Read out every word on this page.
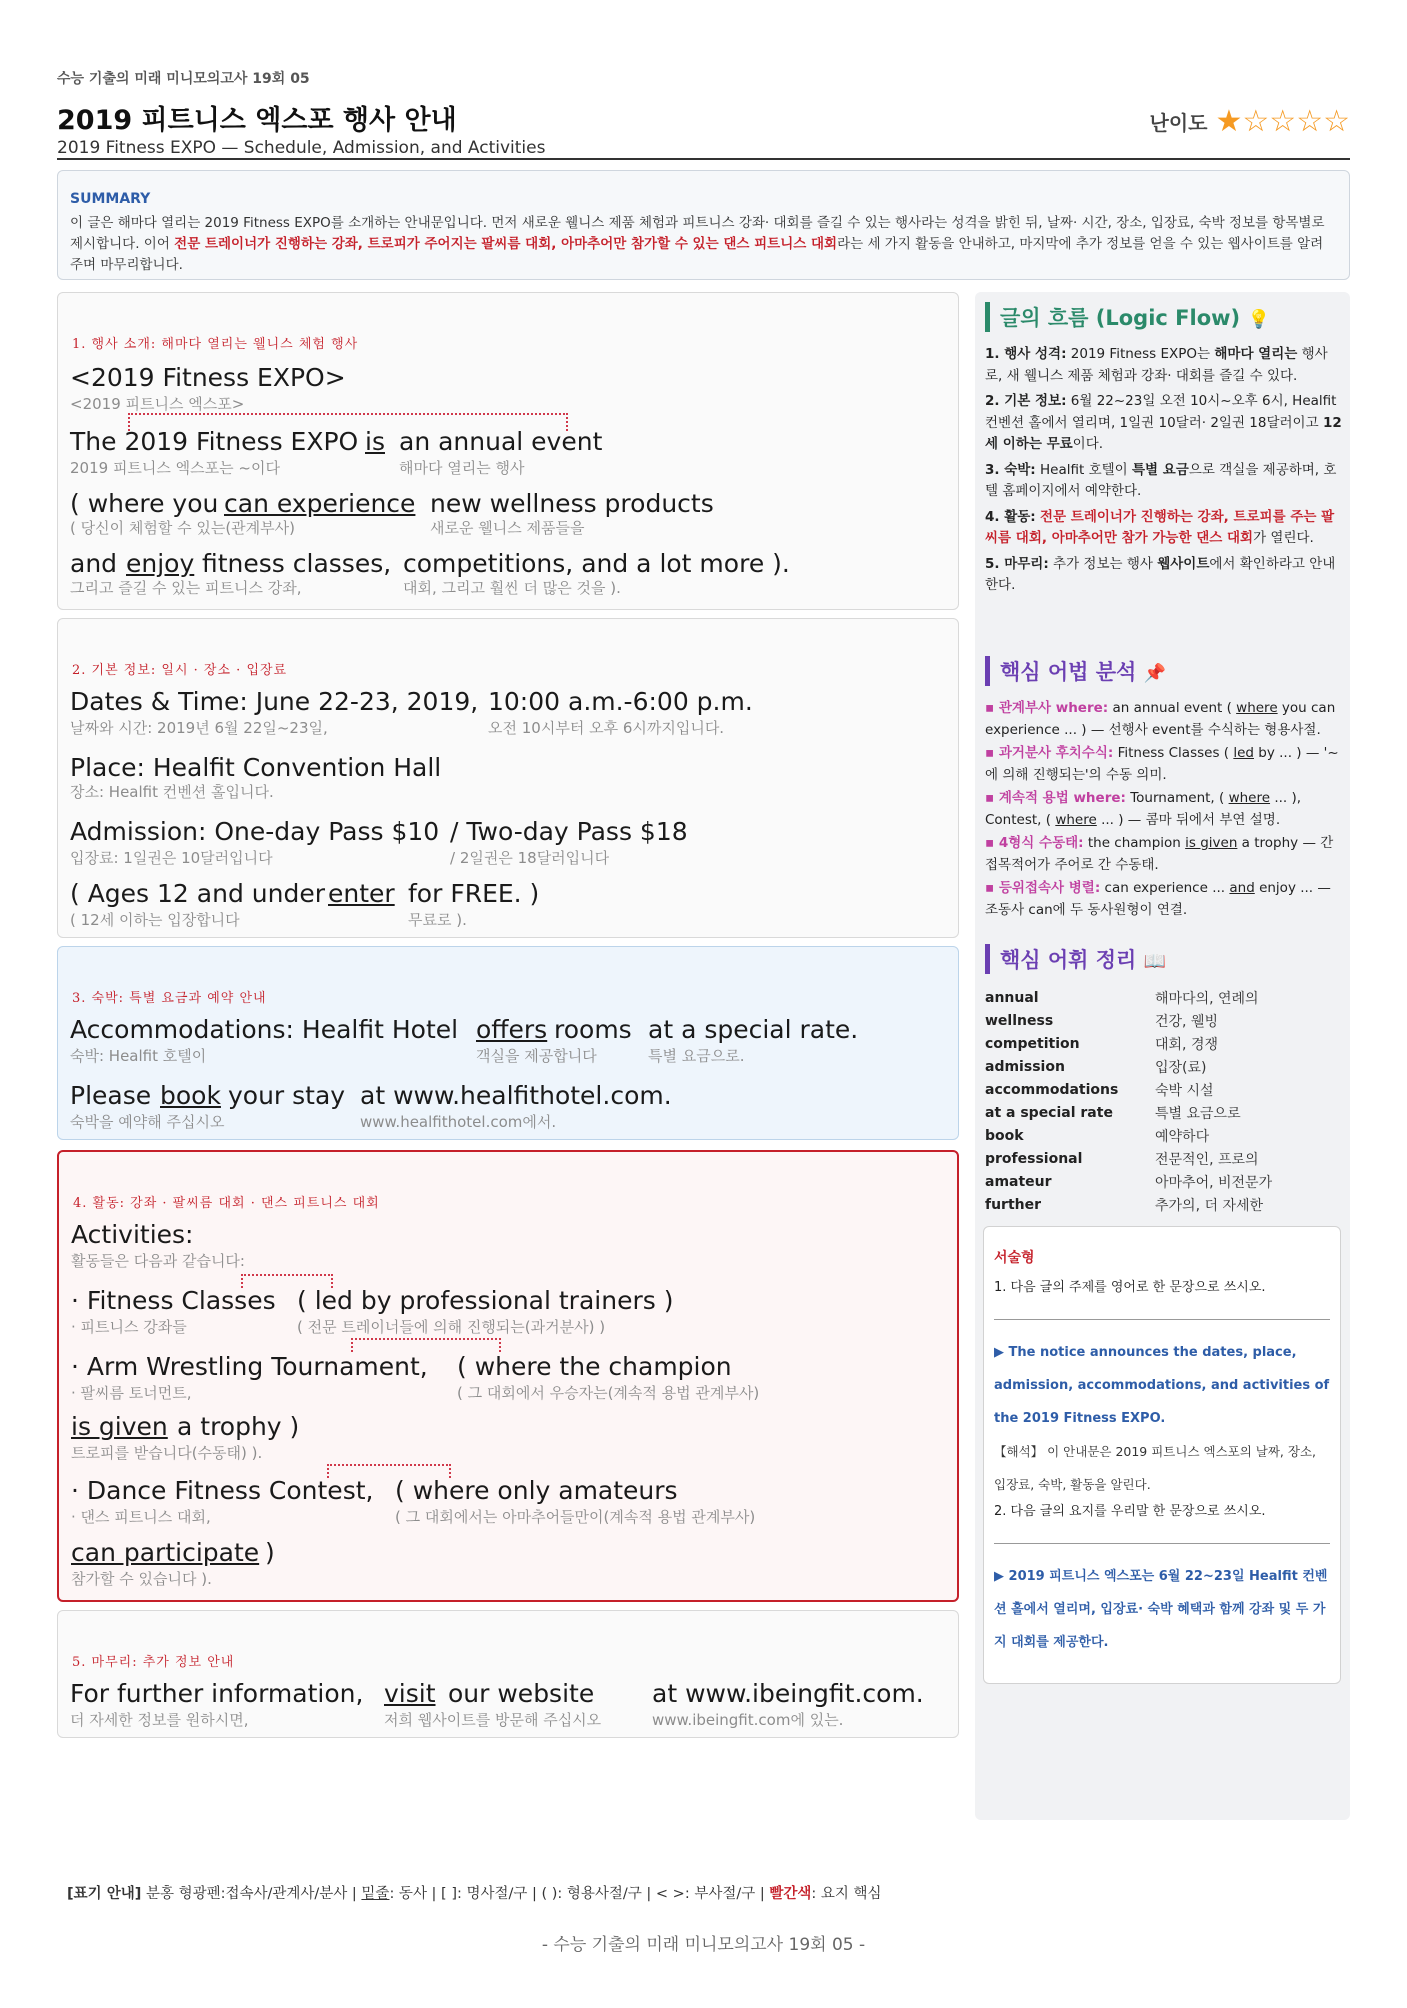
수능 기출의 미래 미니모의고사 19회 05
2019 피트니스 엑스포 행사 안내
2019 Fitness EXPO — Schedule, Admission, and Activities
난이도 ★☆☆☆☆
SUMMARY
이 글은 해마다 열리는 2019 Fitness EXPO를 소개하는 안내문입니다. 먼저 새로운 웰니스 제품 체험과 피트니스 강좌· 대회를 즐길 수 있는 행사라는 성격을 밝힌 뒤, 날짜· 시간, 장소, 입장료, 숙박 정보를 항목별로 제시합니다. 이어 전문 트레이너가 진행하는 강좌, 트로피가 주어지는 팔씨름 대회, 아마추어만 참가할 수 있는 댄스 피트니스 대회라는 세 가지 활동을 안내하고, 마지막에 추가 정보를 얻을 수 있는 웹사이트를 알려 주며 마무리합니다.
1. 행사 소개: 해마다 열리는 웰니스 체험 행사
<2019 Fitness EXPO>
<2019 피트니스 엑스포>
The 2019 Fitness EXPO is an annual event
2019 피트니스 엑스포는 ~이다	해마다 열리는 행사
( where you can experience new wellness products
( 당신이 체험할 수 있는(관계부사)	새로운 웰니스 제품들을
and enjoy fitness classes, competitions, and a lot more ).
그리고 즐길 수 있는 피트니스 강좌,	대회, 그리고 훨씬 더 많은 것을 ).
2. 기본 정보: 일시 · 장소 · 입장료
Dates & Time: June 22-23, 2019, 10:00 a.m.-6:00 p.m.
날짜와 시간: 2019년 6월 22일~23일,	오전 10시부터 오후 6시까지입니다.
Place: Healfit Convention Hall
장소: Healfit 컨벤션 홀입니다.
Admission: One-day Pass $10 / Two-day Pass $18
입장료: 1일권은 10달러입니다	/ 2일권은 18달러입니다
( Ages 12 and under enter for FREE. )
( 12세 이하는 입장합니다	무료로 ).
3. 숙박: 특별 요금과 예약 안내
Accommodations: Healfit Hotel offers rooms at a special rate.
숙박: Healfit 호텔이	객실을 제공합니다	특별 요금으로.
Please book your stay at www.healfithotel.com.
숙박을 예약해 주십시오	www.healfithotel.com에서.
4. 활동: 강좌 · 팔씨름 대회 · 댄스 피트니스 대회
Activities:
활동들은 다음과 같습니다:
· Fitness Classes ( led by professional trainers )
· 피트니스 강좌들	( 전문 트레이너들에 의해 진행되는(과거분사) )
· Arm Wrestling Tournament, ( where the champion
· 팔씨름 토너먼트,	( 그 대회에서 우승자는(계속적 용법 관계부사)
is given a trophy )
트로피를 받습니다(수동태) ).
· Dance Fitness Contest, ( where only amateurs
· 댄스 피트니스 대회,	( 그 대회에서는 아마추어들만이(계속적 용법 관계부사)
can participate )
참가할 수 있습니다 ).
5. 마무리: 추가 정보 안내
For further information, visit our website at www.ibeingfit.com.
더 자세한 정보를 원하시면,	저희 웹사이트를 방문해 주십시오	www.ibeingfit.com에 있는.
글의 흐름 (Logic Flow) 💡
1. 행사 성격: 2019 Fitness EXPO는 해마다 열리는 행사로, 새 웰니스 제품 체험과 강좌· 대회를 즐길 수 있다.
2. 기본 정보: 6월 22~23일 오전 10시~오후 6시, Healfit 컨벤션 홀에서 열리며, 1일권 10달러· 2일권 18달러이고 12세 이하는 무료이다.
3. 숙박: Healfit 호텔이 특별 요금으로 객실을 제공하며, 호텔 홈페이지에서 예약한다.
4. 활동: 전문 트레이너가 진행하는 강좌, 트로피를 주는 팔씨름 대회, 아마추어만 참가 가능한 댄스 대회가 열린다.
5. 마무리: 추가 정보는 행사 웹사이트에서 확인하라고 안내한다.
핵심 어법 분석 📌
▪ 관계부사 where: an annual event ( where you can experience ... ) — 선행사 event를 수식하는 형용사절.
▪ 과거분사 후치수식: Fitness Classes ( led by ... ) — '~에 의해 진행되는'의 수동 의미.
▪ 계속적 용법 where: Tournament, ( where ... ), Contest, ( where ... ) — 콤마 뒤에서 부연 설명.
▪ 4형식 수동태: the champion is given a trophy — 간접목적어가 주어로 간 수동태.
▪ 등위접속사 병렬: can experience ... and enjoy ... — 조동사 can에 두 동사원형이 연결.
핵심 어휘 정리 📖
annual	해마다의, 연례의
wellness	건강, 웰빙
competition	대회, 경쟁
admission	입장(료)
accommodations	숙박 시설
at a special rate	특별 요금으로
book	예약하다
professional	전문적인, 프로의
amateur	아마추어, 비전문가
further	추가의, 더 자세한
서술형
1. 다음 글의 주제를 영어로 한 문장으로 쓰시오.
▶ The notice announces the dates, place, admission, accommodations, and activities of the 2019 Fitness EXPO.
【해석】 이 안내문은 2019 피트니스 엑스포의 날짜, 장소, 입장료, 숙박, 활동을 알린다.
2. 다음 글의 요지를 우리말 한 문장으로 쓰시오.
▶ 2019 피트니스 엑스포는 6월 22~23일 Healfit 컨벤션 홀에서 열리며, 입장료· 숙박 혜택과 함께 강좌 및 두 가지 대회를 제공한다.
[표기 안내] 분홍 형광펜:접속사/관계사/분사 | 밑줄: 동사 | [ ]: 명사절/구 | ( ): 형용사절/구 | < >: 부사절/구 | 빨간색: 요지 핵심
- 수능 기출의 미래 미니모의고사 19회 05 -
